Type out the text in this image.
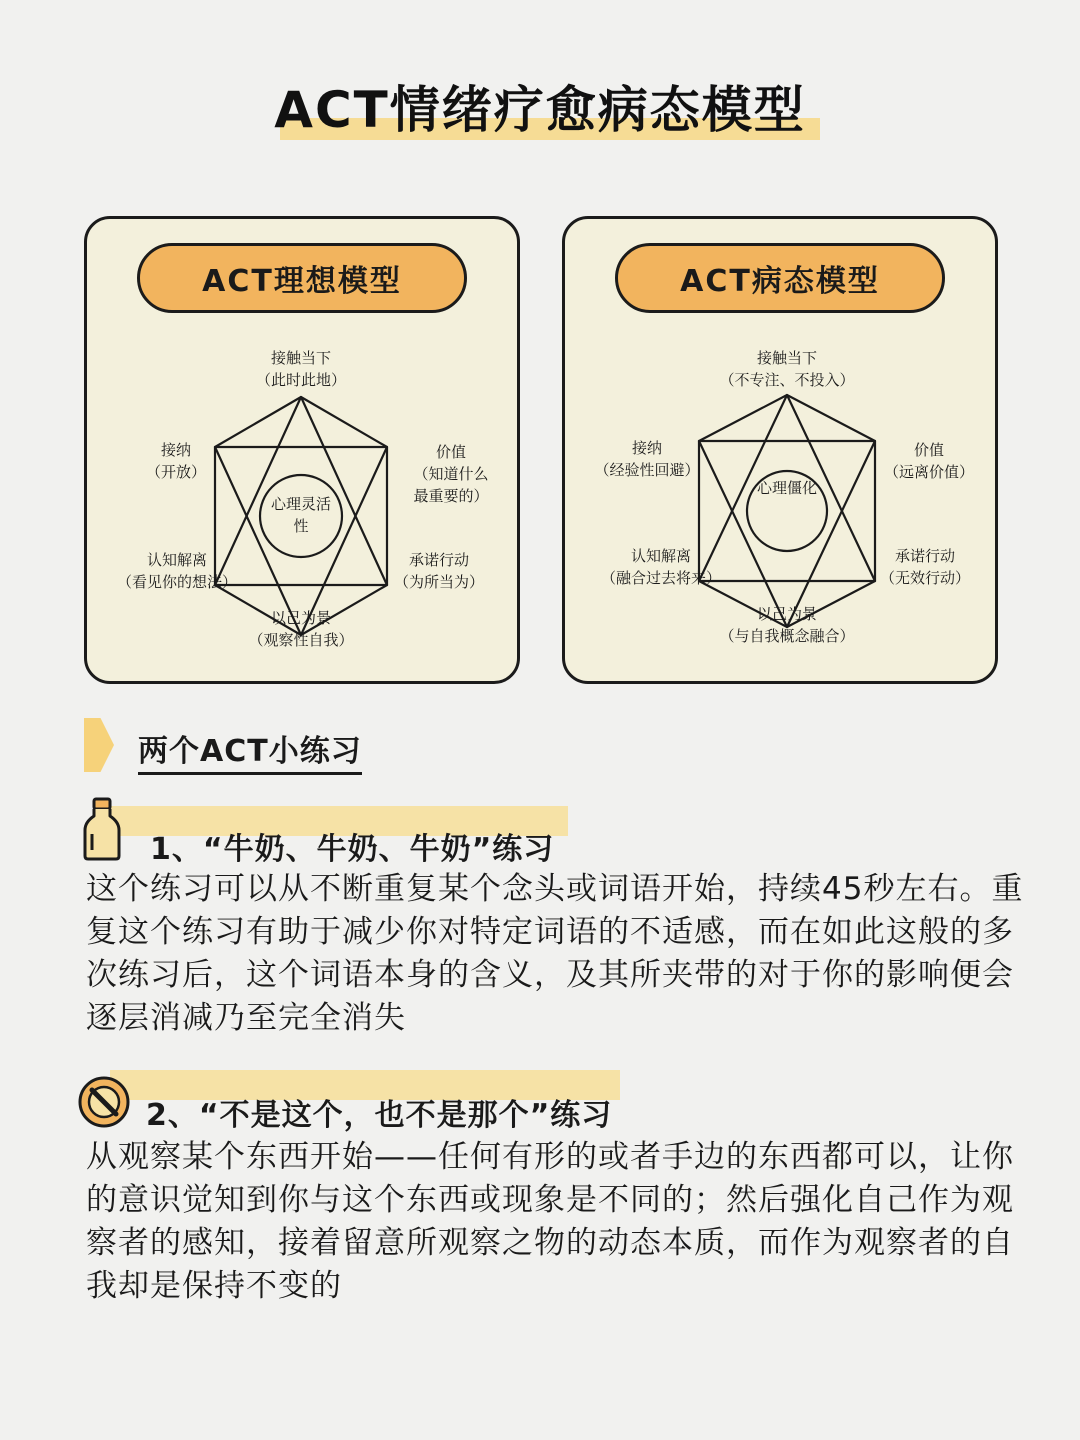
ACT情绪疗愈病态模型
ACT理想模型
心理灵活性
接触当下
（此时此地）
价值
（知道什么
最重要的）
承诺行动
（为所当为）
以己为景
（观察性自我）
认知解离
（看见你的想法）
接纳
（开放）
ACT病态模型
心理僵化
接触当下
（不专注、不投入）
价值
（远离价值）
承诺行动
（无效行动）
以己为景
（与自我概念融合）
认知解离
（融合过去将来）
接纳
（经验性回避）
两个ACT小练习
1、“牛奶、牛奶、牛奶”练习
这个练习可以从不断重复某个念头或词语开始，持续45秒左右。重复这个练习有助于减少你对特定词语的不适感，而在如此这般的多次练习后，这个词语本身的含义，及其所夹带的对于你的影响便会逐层消减乃至完全消失
2、“不是这个，也不是那个”练习
从观察某个东西开始——任何有形的或者手边的东西都可以，让你的意识觉知到你与这个东西或现象是不同的；然后强化自己作为观察者的感知，接着留意所观察之物的动态本质，而作为观察者的自我却是保持不变的
